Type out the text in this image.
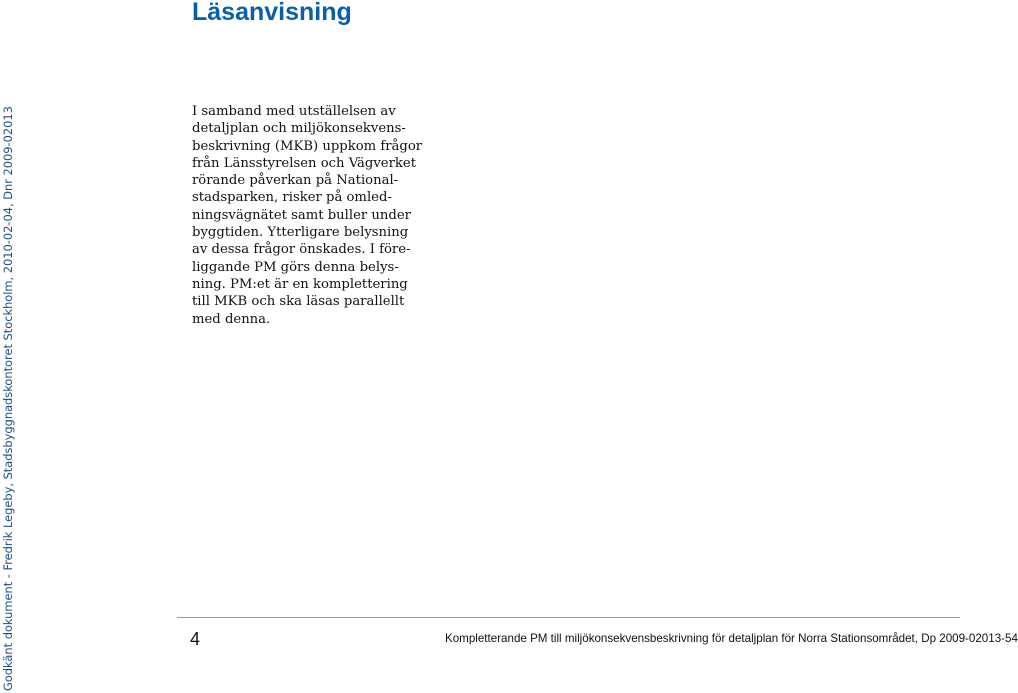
Godkänt dokument - Fredrik Legeby, Stadsbyggnadskontoret Stockholm, 2010-02-04, Dnr 2009-02013
Läsanvisning
I samband med utställelsen av
detaljplan och miljökonsekvens-
beskrivning (MKB) uppkom frågor
från Länsstyrelsen och Vägverket
rörande påverkan på National-
stadsparken, risker på omled-
ningsvägnätet samt buller under
byggtiden. Ytterligare belysning
av dessa frågor önskades. I före-
liggande PM görs denna belys-
ning. PM:et är en komplettering
till MKB och ska läsas parallellt
med denna.
4	Kompletterande PM till miljökonsekvensbeskrivning för detaljplan för Norra Stationsområdet, Dp 2009-02013-54
